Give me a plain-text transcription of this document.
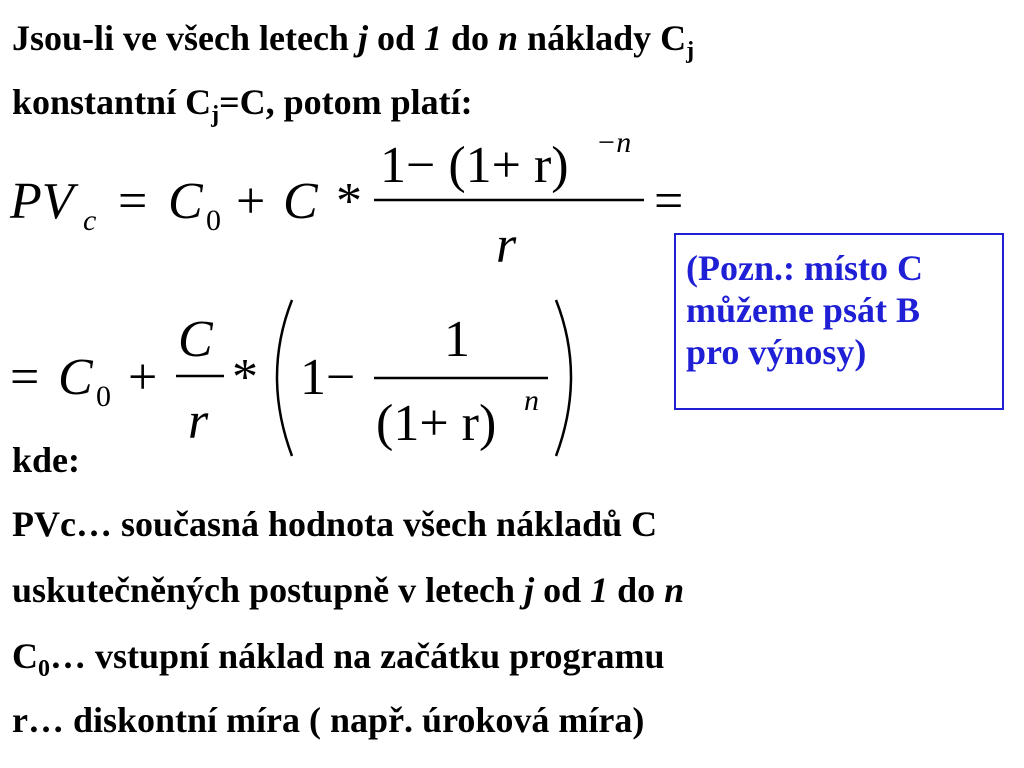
Jsou-li ve všech letech j od 1 do n náklady $C_j$
konstantní $C_j=C$, potom platí:
PV c = C 0 + C *
1− (1+ r) −n
r
=
= C 0 +
C
r
* 1−
1
(1+ r) n
(Pozn.: místo C
můžeme psát B
pro výnosy)
kde:
PVc… současná hodnota všech nákladů C
uskutečněných postupně v letech j od 1 do n
$C_0\dots$ vstupní náklad na začátku programu
r… diskontní míra ( např. úroková míra)
